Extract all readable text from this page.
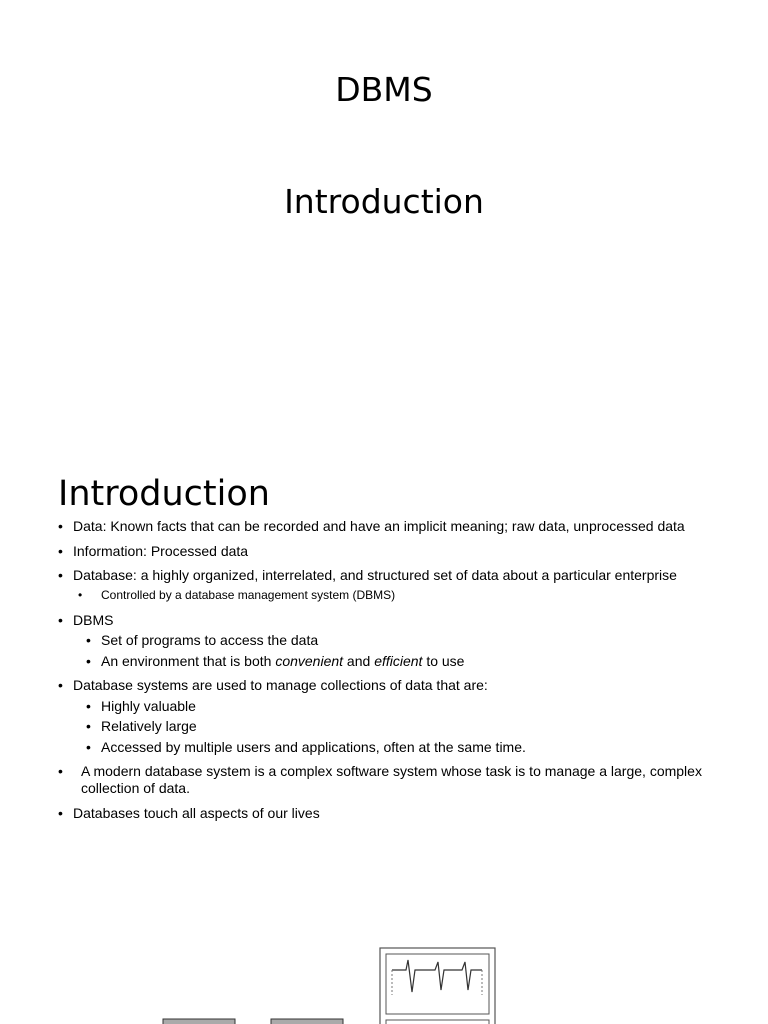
DBMS
Introduction
Introduction
• Data: Known facts that can be recorded and have an implicit meaning; raw data, unprocessed data
• Information: Processed data
• Database: a highly organized, interrelated, and structured set of data about a particular enterprise
• Controlled by a database management system (DBMS)
• DBMS
• Set of programs to access the data
• An environment that is both convenient and efficient to use
• Database systems are used to manage collections of data that are:
• Highly valuable
• Relatively large
• Accessed by multiple users and applications, often at the same time.
• A modern database system is a complex software system whose task is to manage a large, complex collection of data.
• Databases touch all aspects of our lives
